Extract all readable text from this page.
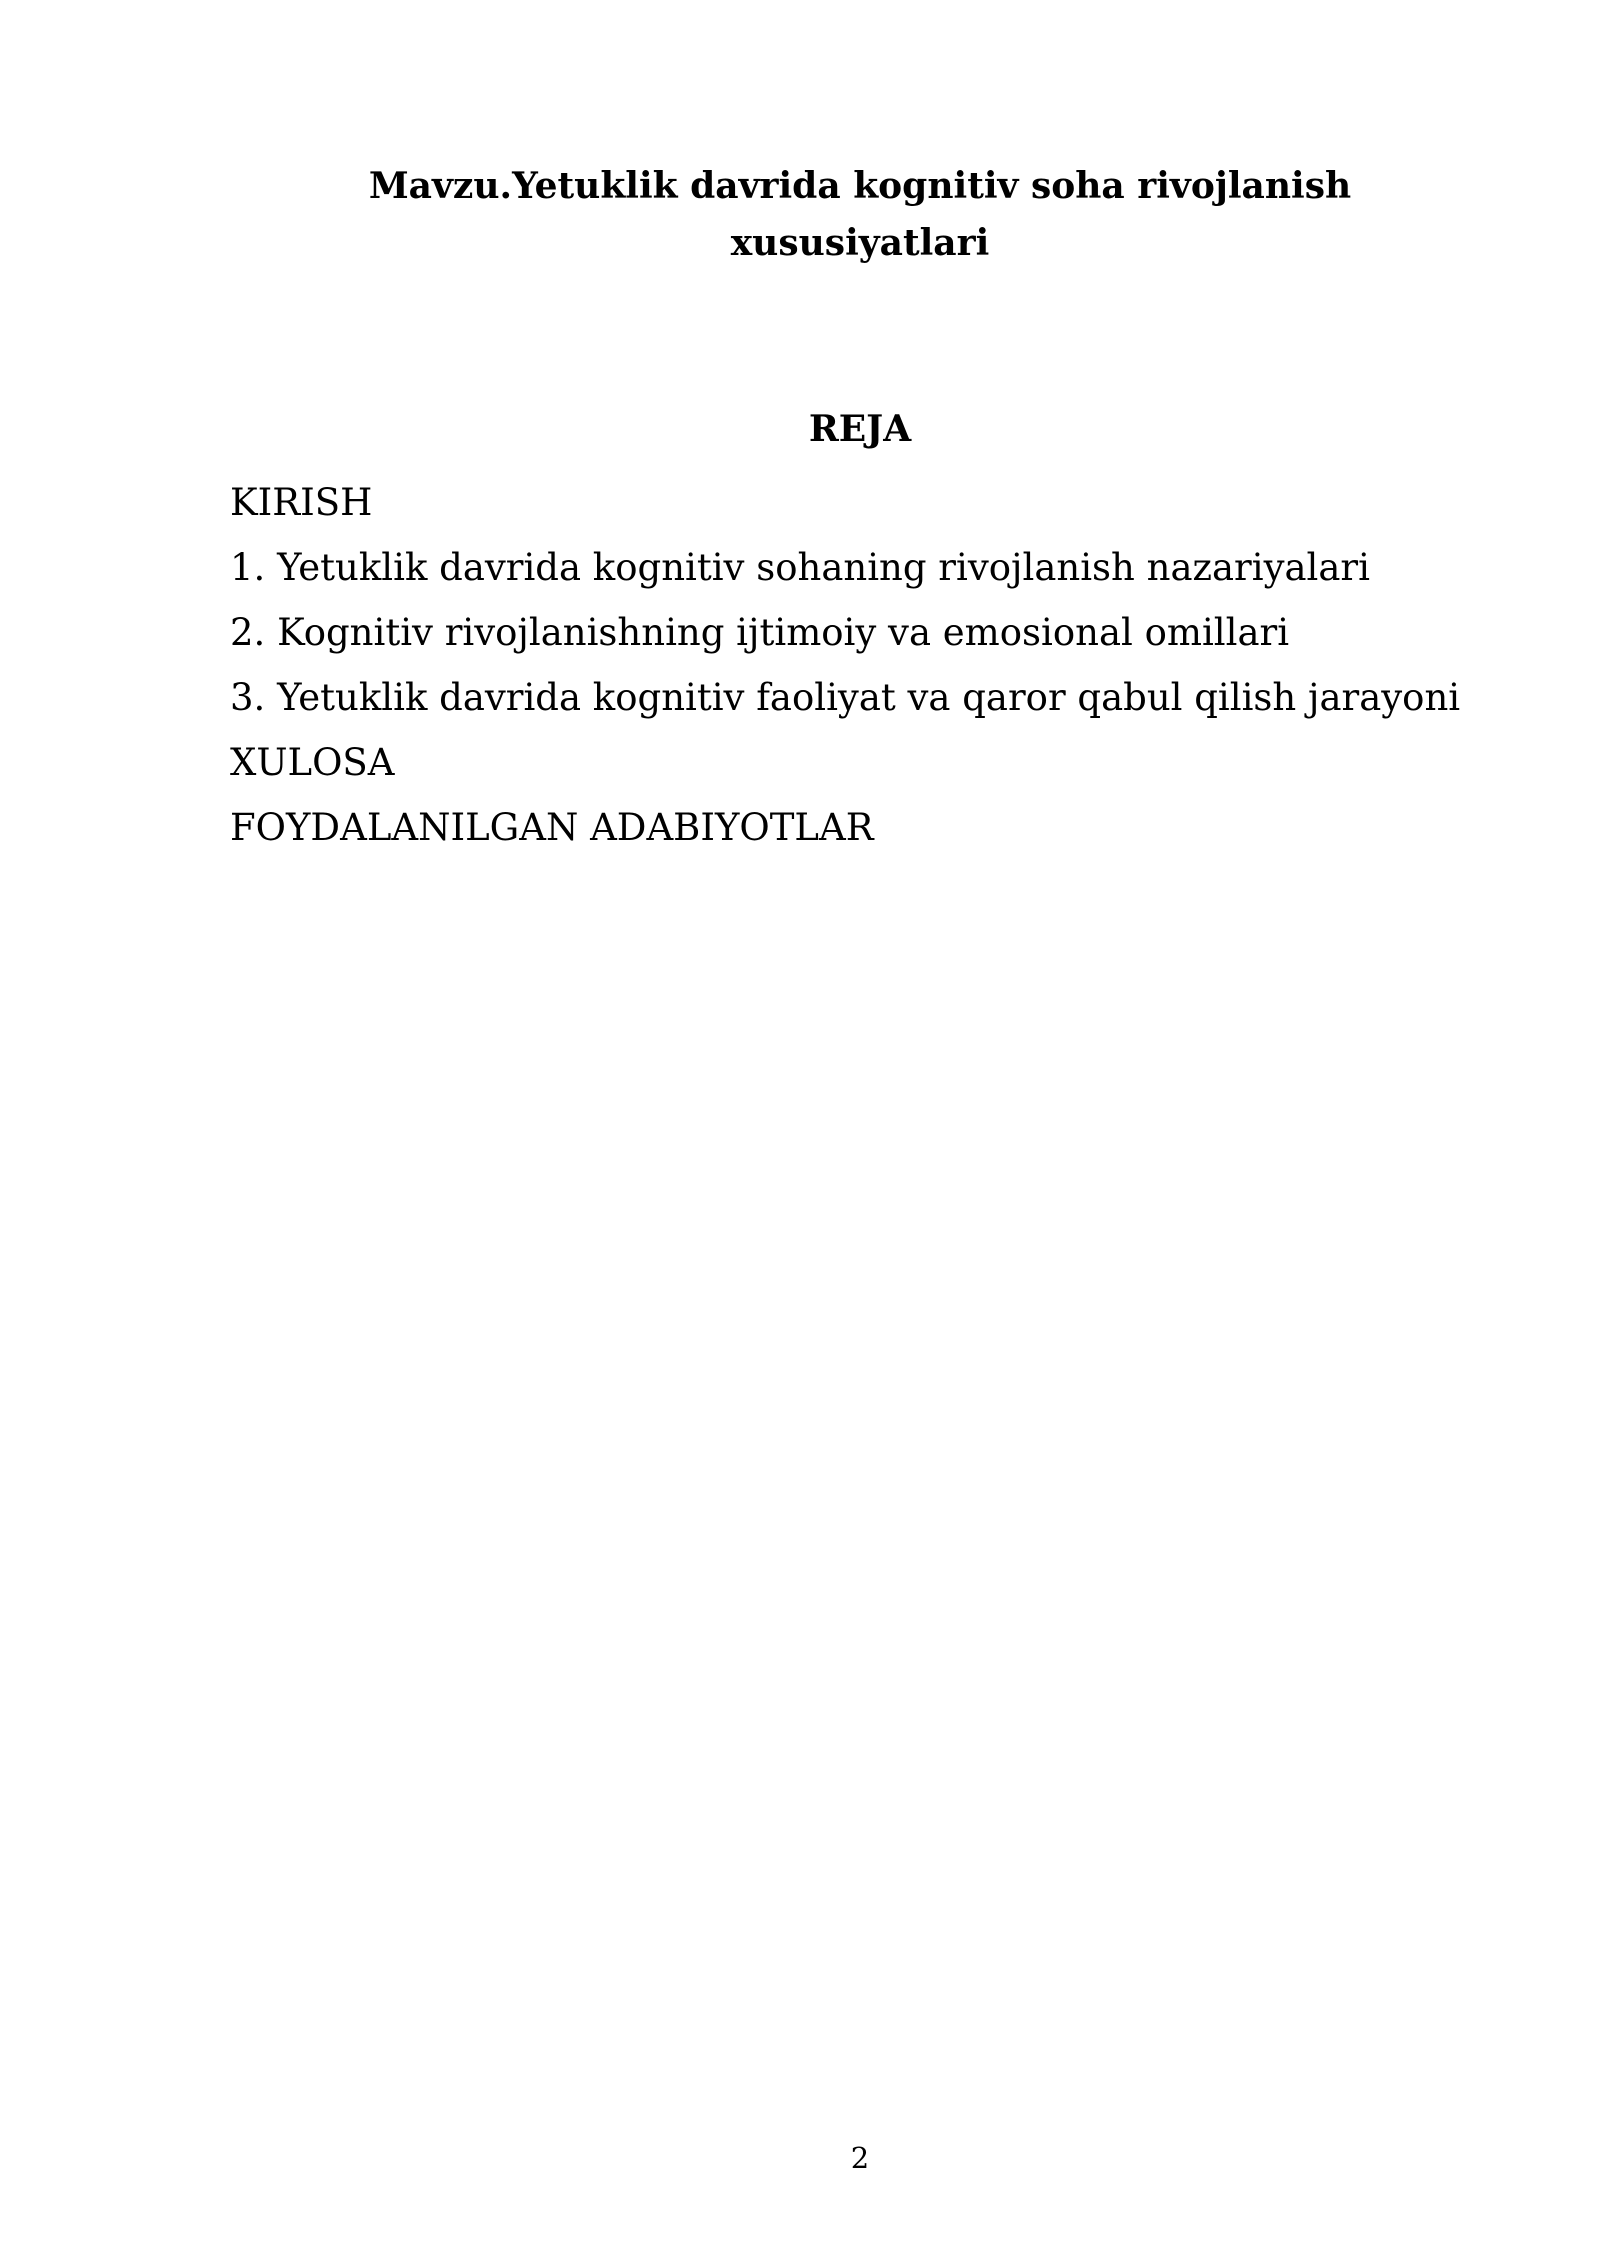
Mavzu.Yetuklik davrida kognitiv soha rivojlanish
xususiyatlari
REJA
KIRISH
1. Yetuklik davrida kognitiv sohaning rivojlanish nazariyalari
2. Kognitiv rivojlanishning ijtimoiy va emosional omillari
3. Yetuklik davrida kognitiv faoliyat va qaror qabul qilish jarayoni
XULOSA
FOYDALANILGAN ADABIYOTLAR
2
